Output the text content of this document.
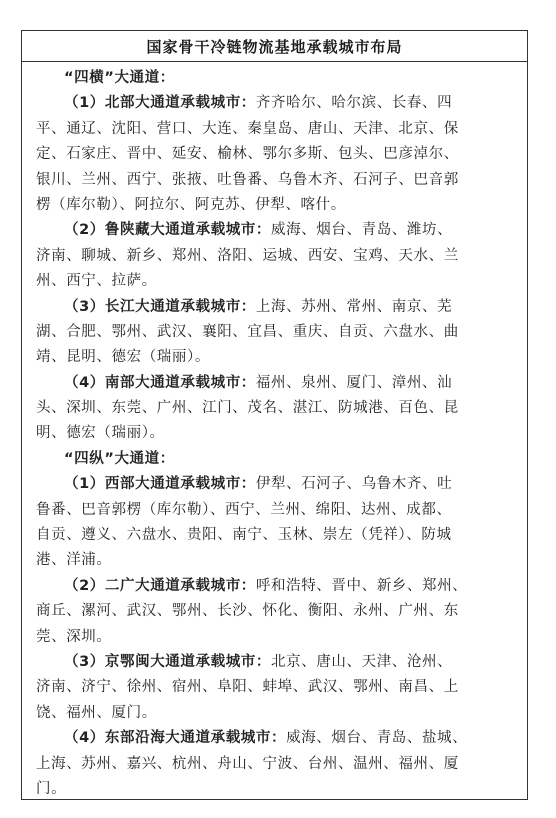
国家骨干冷链物流基地承载城市布局
“四横”大通道：
（1）北部大通道承载城市：齐齐哈尔、哈尔滨、长春、四
平、通辽、沈阳、营口、大连、秦皇岛、唐山、天津、北京、保
定、石家庄、晋中、延安、榆林、鄂尔多斯、包头、巴彦淖尔、
银川、兰州、西宁、张掖、吐鲁番、乌鲁木齐、石河子、巴音郭
楞（库尔勒）、阿拉尔、阿克苏、伊犁、喀什。
（2）鲁陕藏大通道承载城市：威海、烟台、青岛、潍坊、
济南、聊城、新乡、郑州、洛阳、运城、西安、宝鸡、天水、兰
州、西宁、拉萨。
（3）长江大通道承载城市：上海、苏州、常州、南京、芜
湖、合肥、鄂州、武汉、襄阳、宜昌、重庆、自贡、六盘水、曲
靖、昆明、德宏（瑞丽）。
（4）南部大通道承载城市：福州、泉州、厦门、漳州、汕
头、深圳、东莞、广州、江门、茂名、湛江、防城港、百色、昆
明、德宏（瑞丽）。
“四纵”大通道：
（1）西部大通道承载城市：伊犁、石河子、乌鲁木齐、吐
鲁番、巴音郭楞（库尔勒）、西宁、兰州、绵阳、达州、成都、
自贡、遵义、六盘水、贵阳、南宁、玉林、崇左（凭祥）、防城
港、洋浦。
（2）二广大通道承载城市：呼和浩特、晋中、新乡、郑州、
商丘、漯河、武汉、鄂州、长沙、怀化、衡阳、永州、广州、东
莞、深圳。
（3）京鄂闽大通道承载城市：北京、唐山、天津、沧州、
济南、济宁、徐州、宿州、阜阳、蚌埠、武汉、鄂州、南昌、上
饶、福州、厦门。
（4）东部沿海大通道承载城市：威海、烟台、青岛、盐城、
上海、苏州、嘉兴、杭州、舟山、宁波、台州、温州、福州、厦
门。
